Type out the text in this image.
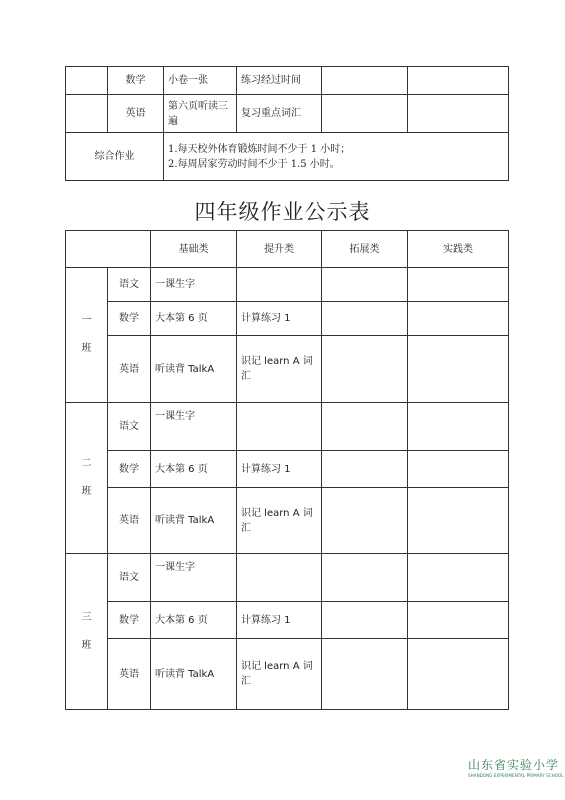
	数学	小卷一张	练习经过时间		
	英语	第六页听读三遍	复习重点词汇		
综合作业		1.每天校外体育锻炼时间不少于 1 小时；
2.每周居家劳动时间不少于 1.5 小时。			
四年级作业公示表
		基础类	提升类	拓展类	实践类
一班	语文	一课生字			
	数学	大本第 6 页	计算练习 1		
	英语	听读背 TalkA	识记 learn A 词汇		
二班	语文	一课生字			
	数学	大本第 6 页	计算练习 1		
	英语	听读背 TalkA	识记 learn A 词汇		
三班	语文	一课生字			
	数学	大本第 6 页	计算练习 1		
	英语	听读背 TalkA	识记 learn A 词汇		
山东省实验小学
SHANDONG EXPERIMENTAL PRIMARY SCHOOL
